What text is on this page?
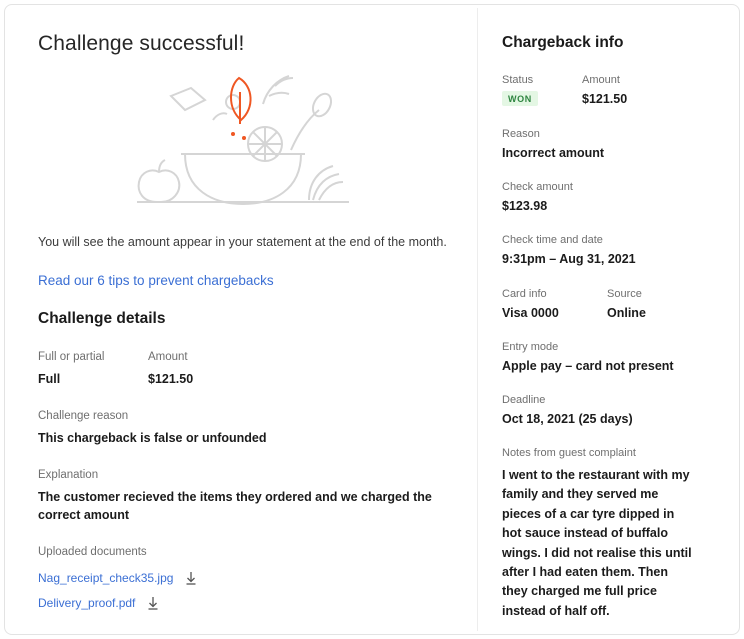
Challenge successful!

You will see the amount appear in your statement at the end of the month.

Read our 6 tips to prevent chargebacks
Challenge details
Full or partial
Full
Amount
$121.50
Challenge reason
This chargeback is false or unfounded
Explanation
The customer recieved the items they ordered and we charged the correct amount
Uploaded documents
Nag_receipt_check35.jpg
Delivery_proof.pdf
Chargeback info
Status
WON
Amount
$121.50
Reason
Incorrect amount
Check amount
$123.98
Check time and date
9:31pm – Aug 31, 2021
Card info
Visa 0000
Source
Online
Entry mode
Apple pay – card not present
Deadline
Oct 18, 2021 (25 days)
Notes from guest complaint
I went to the restaurant with my family and they served me pieces of a car tyre dipped in hot sauce instead of buffalo wings. I did not realise this until after I had eaten them. Then they charged me full price instead of half off.
